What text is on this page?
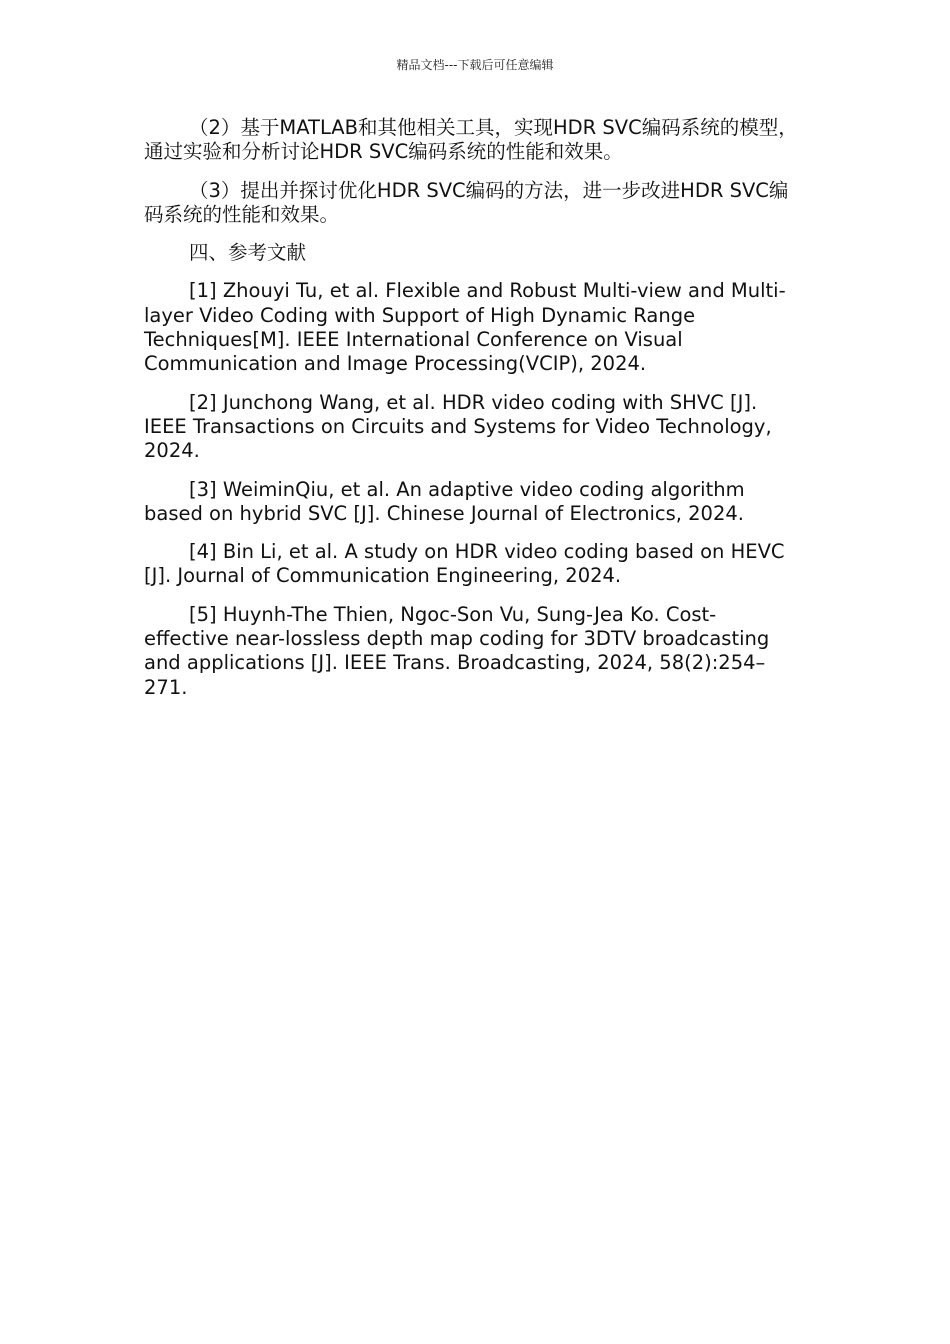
精品文档---下载后可任意编辑

（2）基于MATLAB和其他相关工具，实现HDR SVC编码系统的模型，通过实验和分析讨论HDR SVC编码系统的性能和效果。

（3）提出并探讨优化HDR SVC编码的方法，进一步改进HDR SVC编码系统的性能和效果。

四、参考文献

[1] Zhouyi Tu, et al. Flexible and Robust Multi-view and Multi-layer Video Coding with Support of High Dynamic Range Techniques[M]. IEEE International Conference on Visual Communication and Image Processing(VCIP), 2024.

[2] Junchong Wang, et al. HDR video coding with SHVC [J]. IEEE Transactions on Circuits and Systems for Video Technology, 2024.

[3] WeiminQiu, et al. An adaptive video coding algorithm based on hybrid SVC [J]. Chinese Journal of Electronics, 2024.

[4] Bin Li, et al. A study on HDR video coding based on HEVC [J]. Journal of Communication Engineering, 2024.

[5] Huynh-The Thien, Ngoc-Son Vu, Sung-Jea Ko. Cost-effective near-lossless depth map coding for 3DTV broadcasting and applications [J]. IEEE Trans. Broadcasting, 2024, 58(2):254–271.
